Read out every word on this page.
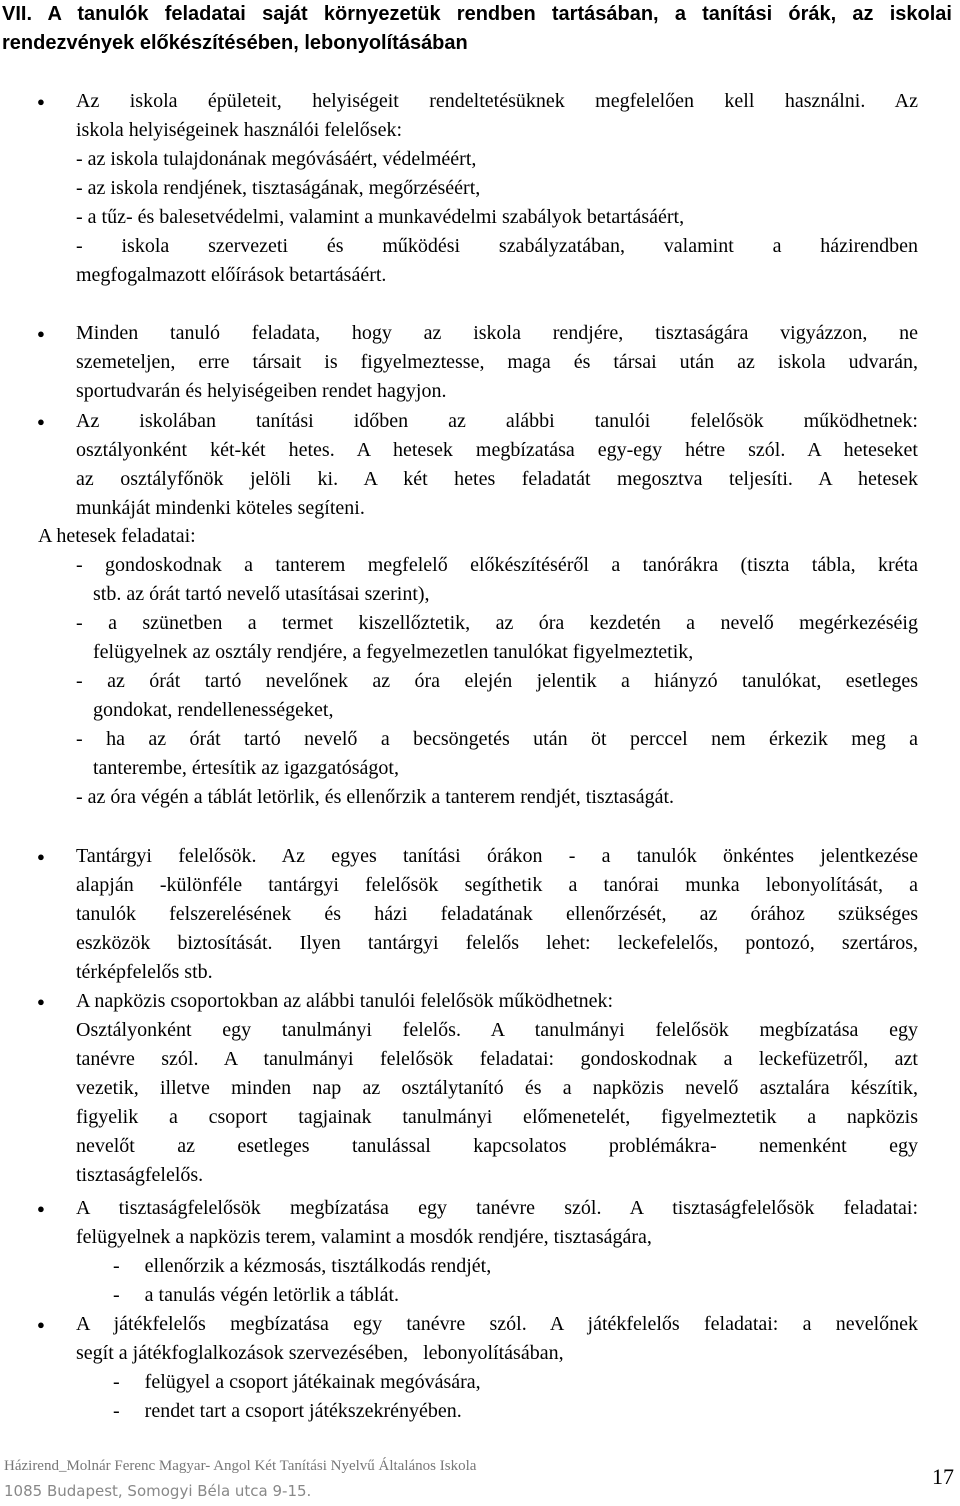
VII. A tanulók feladatai saját környezetük rendben tartásában, a tanítási órák, az iskolai rendezvények előkészítésében, lebonyolításában

● Az iskola épületeit, helyiségeit rendeltetésüknek megfelelően kell használni. Az
iskola helyiségeinek használói felelősek:
- az iskola tulajdonának megóvásáért, védelméért,
- az iskola rendjének, tisztaságának, megőrzéséért,
- a tűz- és balesetvédelmi, valamint a munkavédelmi szabályok betartásáért,
- iskola szervezeti és működési szabályzatában, valamint a házirendben
megfogalmazott előírások betartásáért.
● Minden tanuló feladata, hogy az iskola rendjére, tisztaságára vigyázzon, ne
szemeteljen, erre társait is figyelmeztesse, maga és társai után az iskola udvarán,
sportudvarán és helyiségeiben rendet hagyjon.
● Az iskolában tanítási időben az alábbi tanulói felelősök működhetnek:
osztályonként két-két hetes. A hetesek megbízatása egy-egy hétre szól. A heteseket
az osztályfőnök jelöli ki. A két hetes feladatát megosztva teljesíti. A hetesek
munkáját mindenki köteles segíteni.
A hetesek feladatai:
- gondoskodnak a tanterem megfelelő előkészítéséről a tanórákra (tiszta tábla, kréta
stb. az órát tartó nevelő utasításai szerint),
- a szünetben a termet kiszellőztetik, az óra kezdetén a nevelő megérkezéséig
felügyelnek az osztály rendjére, a fegyelmezetlen tanulókat figyelmeztetik,
- az órát tartó nevelőnek az óra elején jelentik a hiányzó tanulókat, esetleges
gondokat, rendellenességeket,
- ha az órát tartó nevelő a becsöngetés után öt perccel nem érkezik meg a
tanterembe, értesítik az igazgatóságot,
- az óra végén a táblát letörlik, és ellenőrzik a tanterem rendjét, tisztaságát.
● Tantárgyi felelősök. Az egyes tanítási órákon - a tanulók önkéntes jelentkezése
alapján -különféle tantárgyi felelősök segíthetik a tanórai munka lebonyolítását, a
tanulók felszerelésének és házi feladatának ellenőrzését, az órához szükséges
eszközök biztosítását. Ilyen tantárgyi felelős lehet: leckefelelős, pontozó, szertáros,
térképfelelős stb.
● A napközis csoportokban az alábbi tanulói felelősök működhetnek:
Osztályonként egy tanulmányi felelős. A tanulmányi felelősök megbízatása egy
tanévre szól. A tanulmányi felelősök feladatai: gondoskodnak a leckefüzetről, azt
vezetik, illetve minden nap az osztálytanító és a napközis nevelő asztalára készítik,
figyelik a csoport tagjainak tanulmányi előmenetelét, figyelmeztetik a napközis
nevelőt az esetleges tanulással kapcsolatos problémákra- nemenként egy
tisztaságfelelős.
● A tisztaságfelelősök megbízatása egy tanévre szól. A tisztaságfelelősök feladatai:
felügyelnek a napközis terem, valamint a mosdók rendjére, tisztaságára,
-     ellenőrzik a kézmosás, tisztálkodás rendjét,
-     a tanulás végén letörlik a táblát.
● A játékfelelős megbízatása egy tanévre szól. A játékfelelős feladatai: a nevelőnek
segít a játékfoglalkozások szervezésében,   lebonyolításában,
-     felügyel a csoport játékainak megóvására,
-     rendet tart a csoport játékszekrényében.
Házirend_Molnár Ferenc Magyar- Angol Két Tanítási Nyelvű Általános Iskola
1085 Budapest, Somogyi Béla utca 9-15.
17
